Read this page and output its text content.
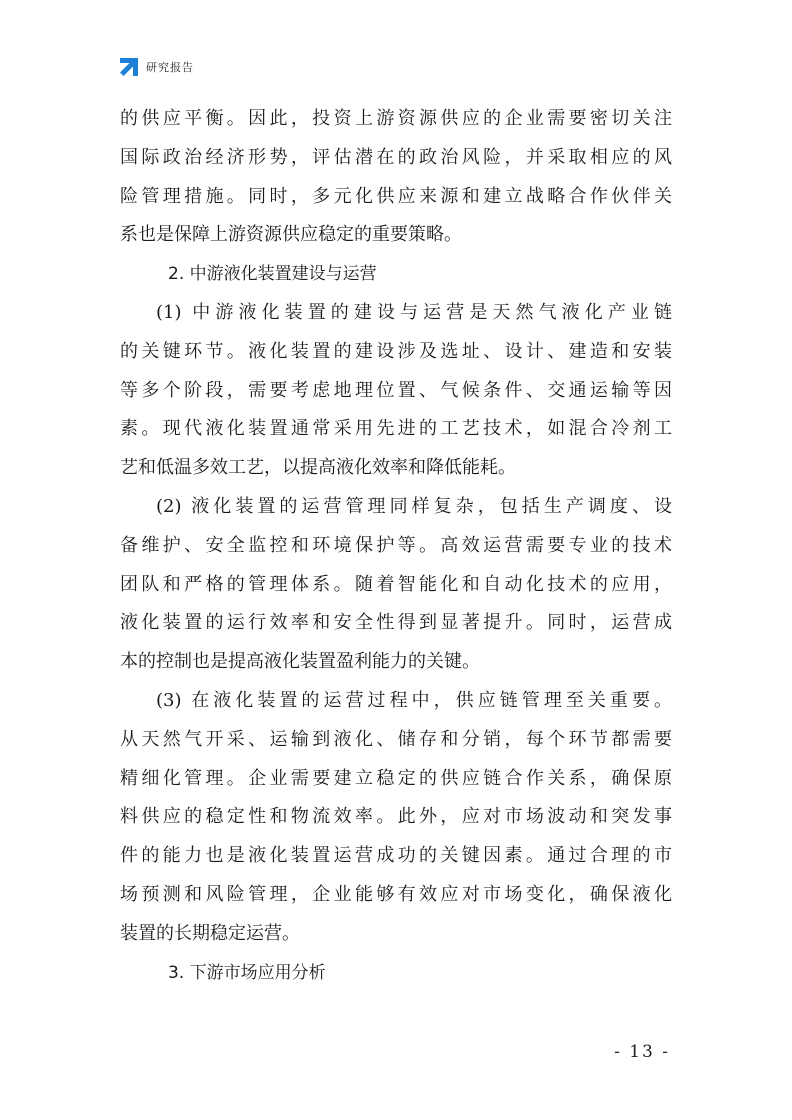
研究报告
的供应平衡。因此，投资上游资源供应的企业需要密切关注
国际政治经济形势，评估潜在的政治风险，并采取相应的风
险管理措施。同时，多元化供应来源和建立战略合作伙伴关
系也是保障上游资源供应稳定的重要策略。
2. 中游液化装置建设与运营
(1) 中游液化装置的建设与运营是天然气液化产业链
的关键环节。液化装置的建设涉及选址、设计、建造和安装
等多个阶段，需要考虑地理位置、气候条件、交通运输等因
素。现代液化装置通常采用先进的工艺技术，如混合冷剂工
艺和低温多效工艺，以提高液化效率和降低能耗。
(2) 液化装置的运营管理同样复杂，包括生产调度、设
备维护、安全监控和环境保护等。高效运营需要专业的技术
团队和严格的管理体系。随着智能化和自动化技术的应用，
液化装置的运行效率和安全性得到显著提升。同时，运营成
本的控制也是提高液化装置盈利能力的关键。
(3) 在液化装置的运营过程中，供应链管理至关重要。
从天然气开采、运输到液化、储存和分销，每个环节都需要
精细化管理。企业需要建立稳定的供应链合作关系，确保原
料供应的稳定性和物流效率。此外，应对市场波动和突发事
件的能力也是液化装置运营成功的关键因素。通过合理的市
场预测和风险管理，企业能够有效应对市场变化，确保液化
装置的长期稳定运营。
3. 下游市场应用分析
- 13 -
